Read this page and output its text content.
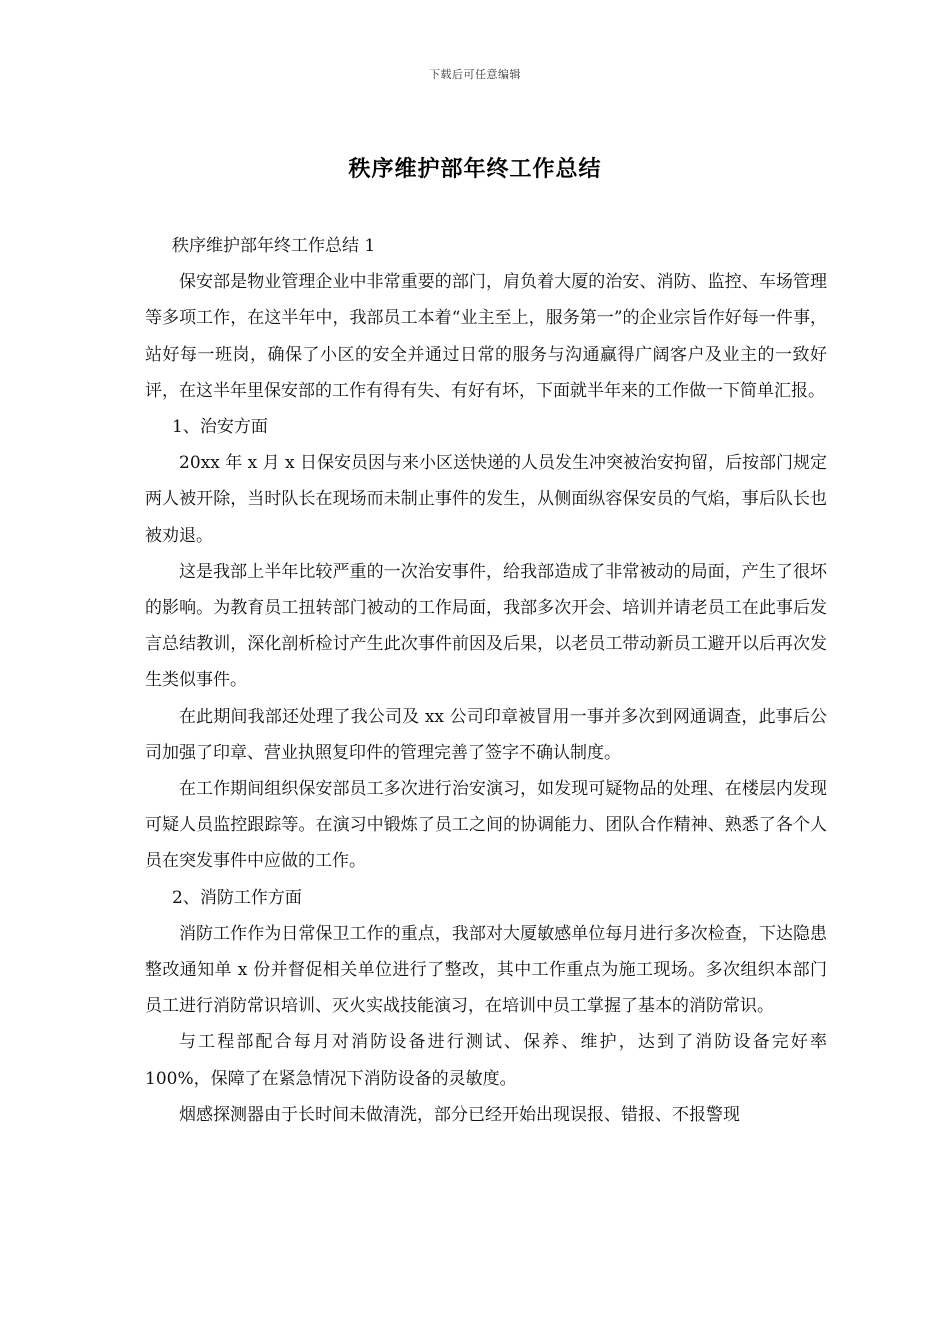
下载后可任意编辑
秩序维护部年终工作总结

秩序维护部年终工作总结 1

保安部是物业管理企业中非常重要的部门，肩负着大厦的治安、消防、监控、车场管理等多项工作，在这半年中，我部员工本着“业主至上，服务第一”的企业宗旨作好每一件事，站好每一班岗，确保了小区的安全并通过日常的服务与沟通赢得广阔客户及业主的一致好评，在这半年里保安部的工作有得有失、有好有坏，下面就半年来的工作做一下简单汇报。

1、治安方面

20xx 年 x 月 x 日保安员因与来小区送快递的人员发生冲突被治安拘留，后按部门规定两人被开除，当时队长在现场而未制止事件的发生，从侧面纵容保安员的气焰，事后队长也被劝退。

这是我部上半年比较严重的一次治安事件，给我部造成了非常被动的局面，产生了很坏的影响。为教育员工扭转部门被动的工作局面，我部多次开会、培训并请老员工在此事后发言总结教训，深化剖析检讨产生此次事件前因及后果，以老员工带动新员工避开以后再次发生类似事件。

在此期间我部还处理了我公司及 xx 公司印章被冒用一事并多次到网通调查，此事后公司加强了印章、营业执照复印件的管理完善了签字不确认制度。

在工作期间组织保安部员工多次进行治安演习，如发现可疑物品的处理、在楼层内发现可疑人员监控跟踪等。在演习中锻炼了员工之间的协调能力、团队合作精神、熟悉了各个人员在突发事件中应做的工作。

2、消防工作方面

消防工作作为日常保卫工作的重点，我部对大厦敏感单位每月进行多次检查，下达隐患整改通知单 x 份并督促相关单位进行了整改，其中工作重点为施工现场。多次组织本部门员工进行消防常识培训、灭火实战技能演习，在培训中员工掌握了基本的消防常识。

与工程部配合每月对消防设备进行测试、保养、维护，达到了消防设备完好率 100%，保障了在紧急情况下消防设备的灵敏度。

烟感探测器由于长时间未做清洗，部分已经开始出现误报、错报、不报警现
